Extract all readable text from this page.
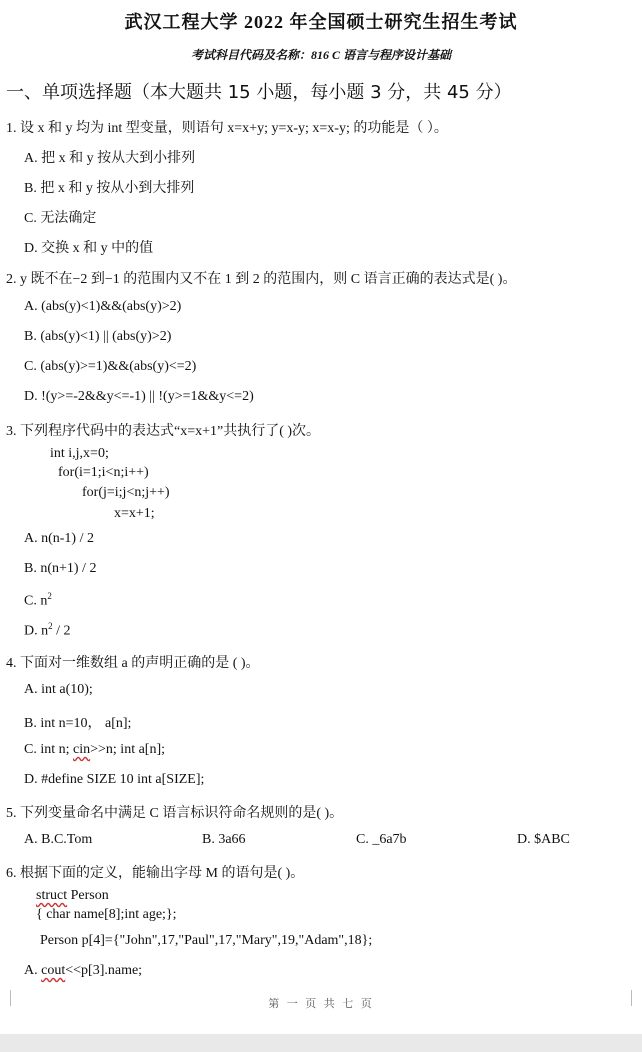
武汉工程大学 2022 年全国硕士研究生招生考试
考试科目代码及名称：816 C 语言与程序设计基础
一、单项选择题（本大题共 15 小题，每小题 3 分，共 45 分）
1. 设 x 和 y 均为 int 型变量，则语句 x=x+y; y=x-y; x=x-y; 的功能是（ ）。
A. 把 x 和 y 按从大到小排列
B. 把 x 和 y 按从小到大排列
C. 无法确定
D. 交换 x 和 y 中的值
2. y 既不在−2 到−1 的范围内又不在 1 到 2 的范围内，则 C 语言正确的表达式是( )。
A. (abs(y)<1)&&(abs(y)>2)
B. (abs(y)<1) || (abs(y)>2)
C. (abs(y)>=1)&&(abs(y)<=2)
D. !(y>=-2&&y<=-1) || !(y>=1&&y<=2)
3. 下列程序代码中的表达式“x=x+1”共执行了( )次。
int i,j,x=0;
for(i=1;i<n;i++)
for(j=i;j<n;j++)
x=x+1;
A. n(n-1) / 2
B. n(n+1) / 2
C. $n^2$
D. $n^2 / 2$
4. 下面对一维数组 a 的声明正确的是 ( )。
A. int a(10);
B. int n=10， a[n];
C. int n; cin>>n; int a[n];
D. #define SIZE 10 int a[SIZE];
5. 下列变量命名中满足 C 语言标识符命名规则的是( )。
A. B.C.Tom	B. 3a66	C. _6a7b	D. $ABC
6. 根据下面的定义，能输出字母 M 的语句是( )。
struct Person
{ char name[8];int age;};
Person p[4]={"John",17,"Paul",17,"Mary",19,"Adam",18};
A. cout<<p[3].name;
第 一 页 共 七 页
